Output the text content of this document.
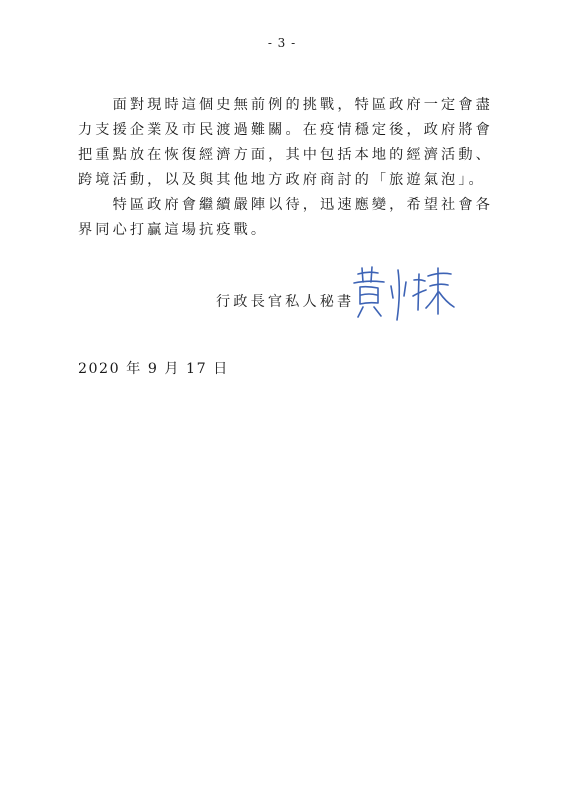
- 3 -
　　面對現時這個史無前例的挑戰，特區政府一定會盡
力支援企業及市民渡過難關。在疫情穩定後，政府將會
把重點放在恢復經濟方面，其中包括本地的經濟活動、
跨境活動，以及與其他地方政府商討的「旅遊氣泡」。
　　特區政府會繼續嚴陣以待，迅速應變，希望社會各
界同心打贏這場抗疫戰。
行政長官私人秘書
2020 年 9 月 17 日
